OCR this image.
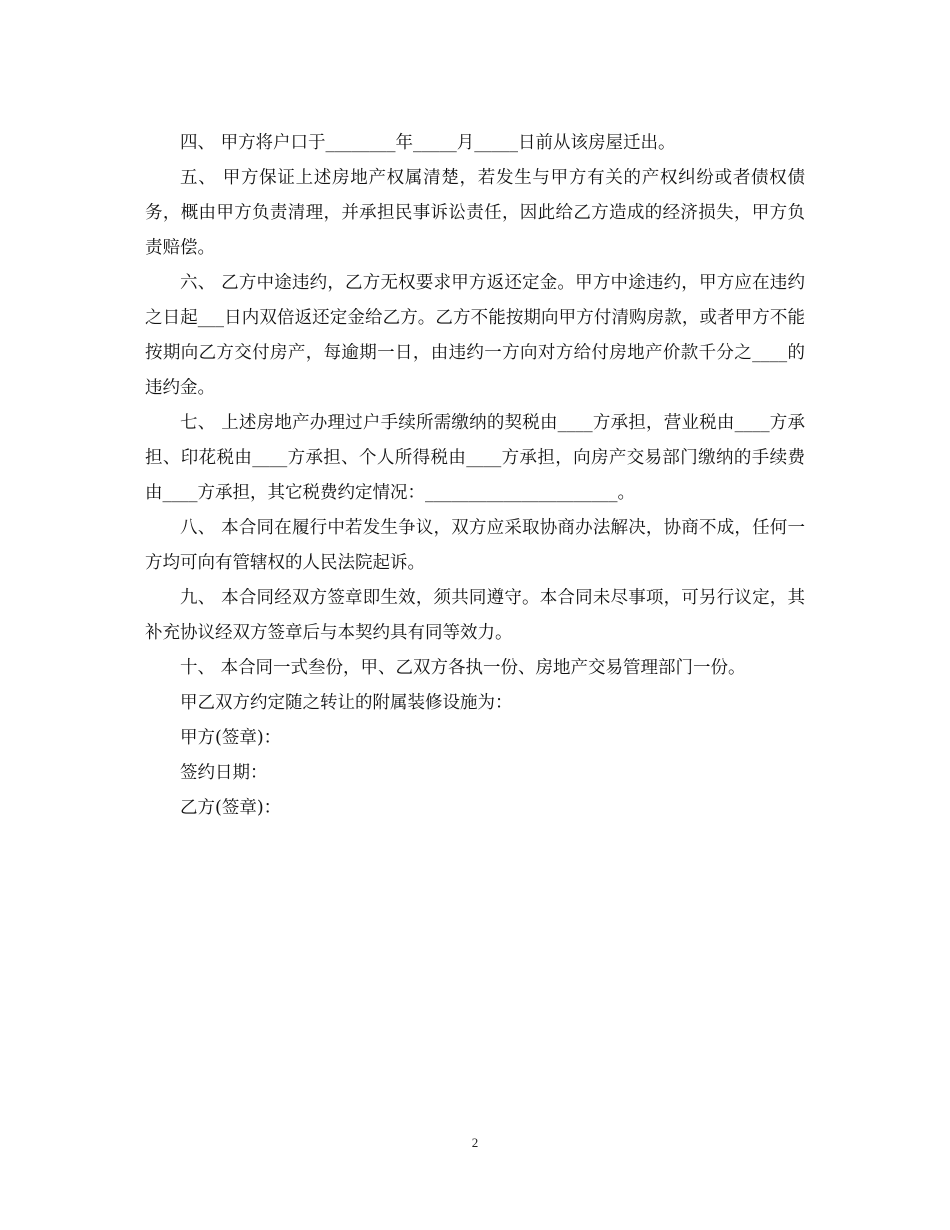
四、 甲方将户口于________年_____月_____日前从该房屋迁出。

五、 甲方保证上述房地产权属清楚，若发生与甲方有关的产权纠纷或者债权债务，概由甲方负责清理，并承担民事诉讼责任，因此给乙方造成的经济损失，甲方负责赔偿。

六、 乙方中途违约，乙方无权要求甲方返还定金。甲方中途违约，甲方应在违约之日起___日内双倍返还定金给乙方。乙方不能按期向甲方付清购房款，或者甲方不能按期向乙方交付房产，每逾期一日，由违约一方向对方给付房地产价款千分之____的违约金。

七、 上述房地产办理过户手续所需缴纳的契税由____方承担，营业税由____方承担、印花税由____方承担、个人所得税由____方承担，向房产交易部门缴纳的手续费由____方承担，其它税费约定情况：______________________。

八、 本合同在履行中若发生争议，双方应采取协商办法解决，协商不成，任何一方均可向有管辖权的人民法院起诉。

九、 本合同经双方签章即生效，须共同遵守。本合同未尽事项，可另行议定，其补充协议经双方签章后与本契约具有同等效力。

十、 本合同一式叁份，甲、乙双方各执一份、房地产交易管理部门一份。

甲乙双方约定随之转让的附属装修设施为：

甲方(签章)：

签约日期：

乙方(签章)：

2
